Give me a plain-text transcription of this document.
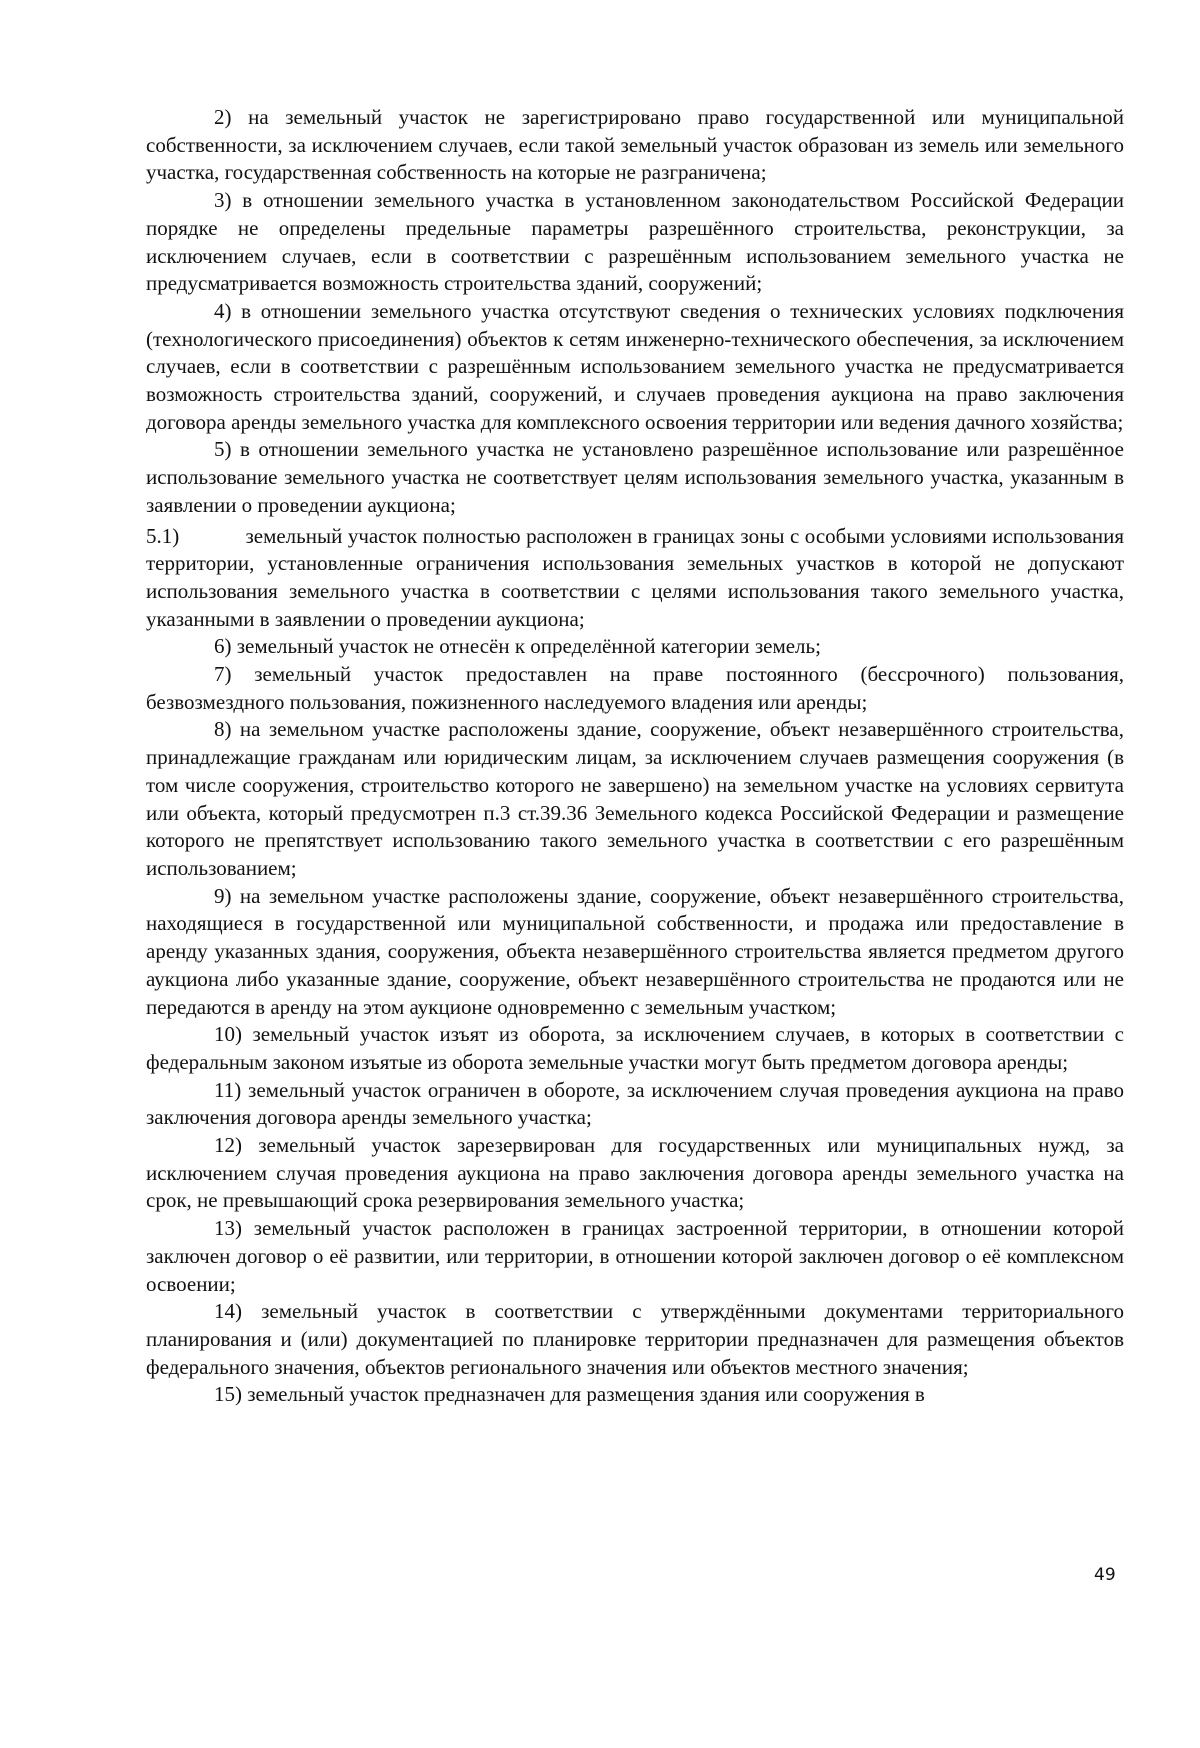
2) на земельный участок не зарегистрировано право государственной или муниципальной собственности, за исключением случаев, если такой земельный участок образован из земель или земельного участка, государственная собственность на которые не разграничена;

3) в отношении земельного участка в установленном законодательством Российской Федерации порядке не определены предельные параметры разрешённого строительства, реконструкции, за исключением случаев, если в соответствии с разрешённым использованием земельного участка не предусматривается возможность строительства зданий, сооружений;

4) в отношении земельного участка отсутствуют сведения о технических условиях подключения (технологического присоединения) объектов к сетям инженерно-технического обеспечения, за исключением случаев, если в соответствии с разрешённым использованием земельного участка не предусматривается возможность строительства зданий, сооружений, и случаев проведения аукциона на право заключения договора аренды земельного участка для комплексного освоения территории или ведения дачного хозяйства;

5) в отношении земельного участка не установлено разрешённое использование или разрешённое использование земельного участка не соответствует целям использования земельного участка, указанным в заявлении о проведении аукциона;

5.1)            земельный участок полностью расположен в границах зоны с особыми условиями использования территории, установленные ограничения использования земельных участков в которой не допускают использования земельного участка в соответствии с целями использования такого земельного участка, указанными в заявлении о проведении аукциона;

6) земельный участок не отнесён к определённой категории земель;

7) земельный участок предоставлен на праве постоянного (бессрочного) пользования, безвозмездного пользования, пожизненного наследуемого владения или аренды;

8) на земельном участке расположены здание, сооружение, объект незавершённого строительства, принадлежащие гражданам или юридическим лицам, за исключением случаев размещения сооружения (в том числе сооружения, строительство которого не завершено) на земельном участке на условиях сервитута или объекта, который предусмотрен п.3 ст.39.36 Земельного кодекса Российской Федерации и размещение которого не препятствует использованию такого земельного участка в соответствии с его разрешённым использованием;

9) на земельном участке расположены здание, сооружение, объект незавершённого строительства, находящиеся в государственной или муниципальной собственности, и продажа или предоставление в аренду указанных здания, сооружения, объекта незавершённого строительства является предметом другого аукциона либо указанные здание, сооружение, объект незавершённого строительства не продаются или не передаются в аренду на этом аукционе одновременно с земельным участком;

10) земельный участок изъят из оборота, за исключением случаев, в которых в соответствии с федеральным законом изъятые из оборота земельные участки могут быть предметом договора аренды;

11) земельный участок ограничен в обороте, за исключением случая проведения аукциона на право заключения договора аренды земельного участка;

12) земельный участок зарезервирован для государственных или муниципальных нужд, за исключением случая проведения аукциона на право заключения договора аренды земельного участка на срок, не превышающий срока резервирования земельного участка;

13) земельный участок расположен в границах застроенной территории, в отношении которой заключен договор о её развитии, или территории, в отношении которой заключен договор о её комплексном освоении;

14) земельный участок в соответствии с утверждёнными документами территориального планирования и (или) документацией по планировке территории предназначен для размещения объектов федерального значения, объектов регионального значения или объектов местного значения;

15) земельный участок предназначен для размещения здания или сооружения в

49
